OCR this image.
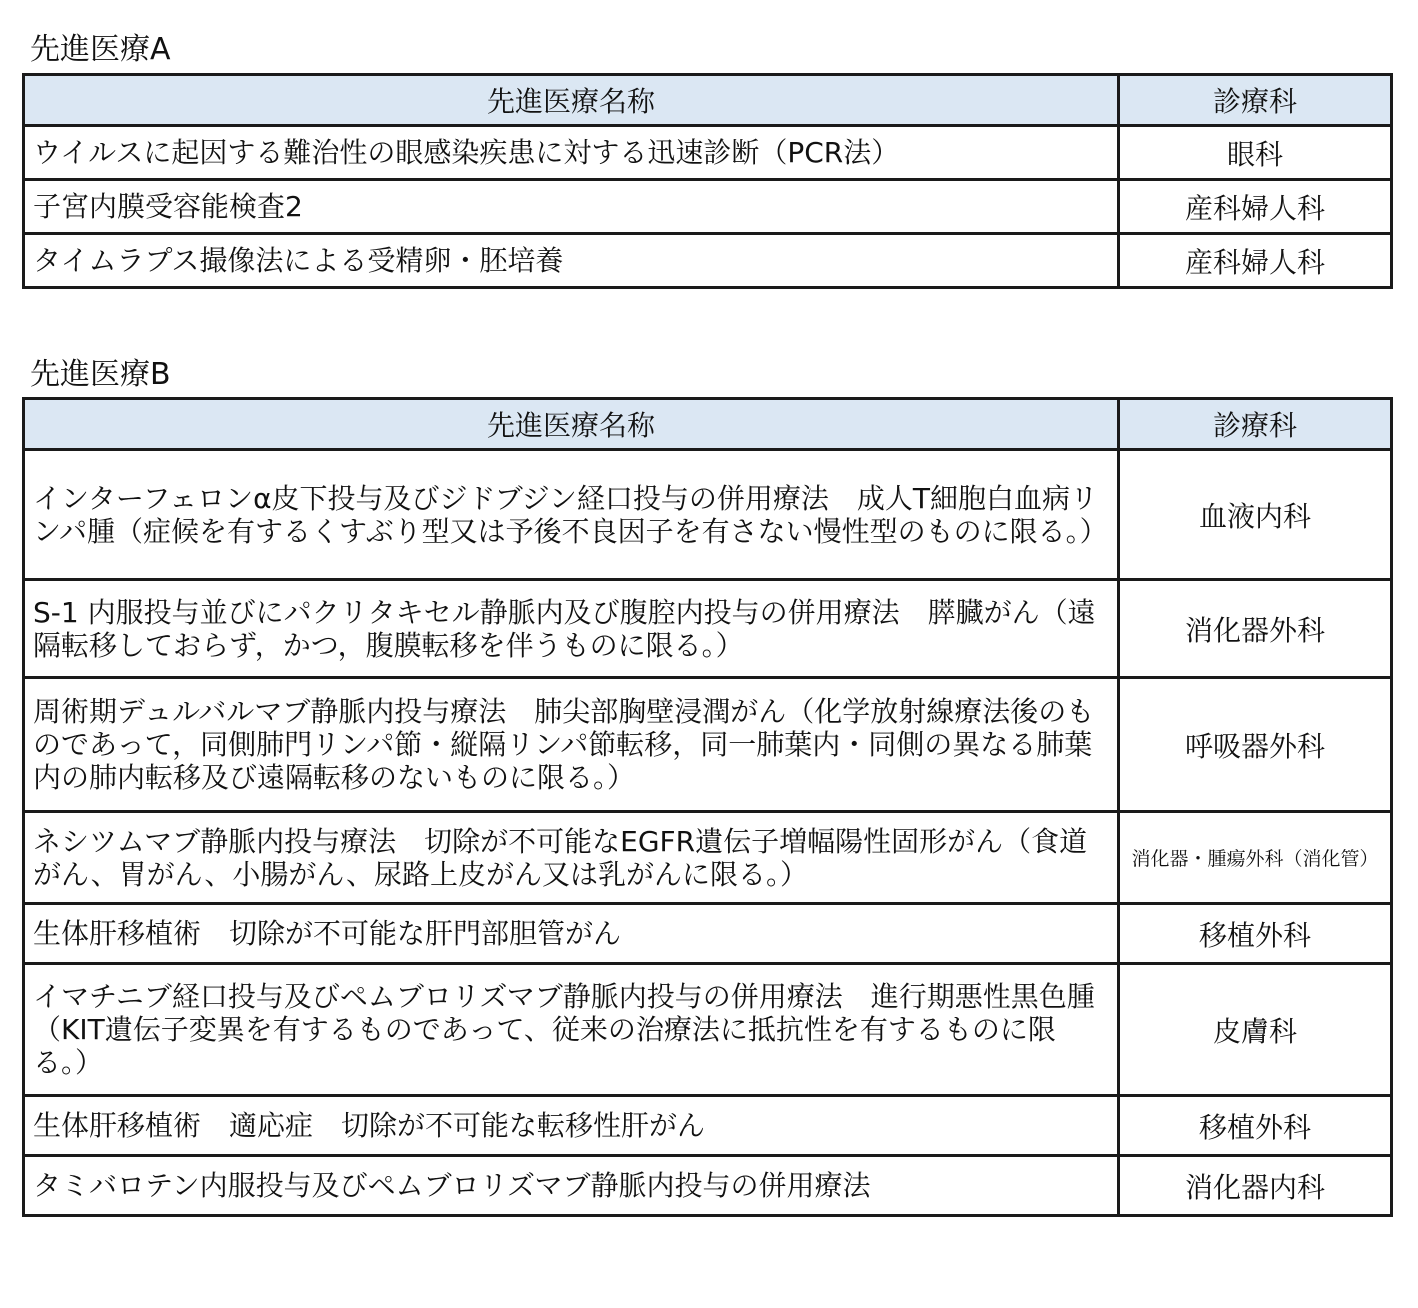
先進医療A
先進医療名称	診療科
ウイルスに起因する難治性の眼感染疾患に対する迅速診断（PCR法）	眼科
子宮内膜受容能検査2	産科婦人科
タイムラプス撮像法による受精卵・胚培養	産科婦人科
先進医療B
先進医療名称	診療科
インターフェロンα皮下投与及びジドブジン経口投与の併用療法　成人T細胞白血病リンパ腫（症候を有するくすぶり型又は予後不良因子を有さない慢性型のものに限る。）	血液内科
S-1 内服投与並びにパクリタキセル静脈内及び腹腔内投与の併用療法　膵臓がん（遠隔転移しておらず，かつ，腹膜転移を伴うものに限る。）	消化器外科
周術期デュルバルマブ静脈内投与療法　肺尖部胸壁浸潤がん（化学放射線療法後のものであって，同側肺門リンパ節・縦隔リンパ節転移，同一肺葉内・同側の異なる肺葉内の肺内転移及び遠隔転移のないものに限る。）	呼吸器外科
ネシツムマブ静脈内投与療法　切除が不可能なEGFR遺伝子増幅陽性固形がん（食道がん、胃がん、小腸がん、尿路上皮がん又は乳がんに限る。）	消化器・腫瘍外科（消化管）
生体肝移植術　切除が不可能な肝門部胆管がん	移植外科
イマチニブ経口投与及びペムブロリズマブ静脈内投与の併用療法　進行期悪性黒色腫（KIT遺伝子変異を有するものであって、従来の治療法に抵抗性を有するものに限る。）	皮膚科
生体肝移植術　適応症　切除が不可能な転移性肝がん	移植外科
タミバロテン内服投与及びペムブロリズマブ静脈内投与の併用療法	消化器内科
